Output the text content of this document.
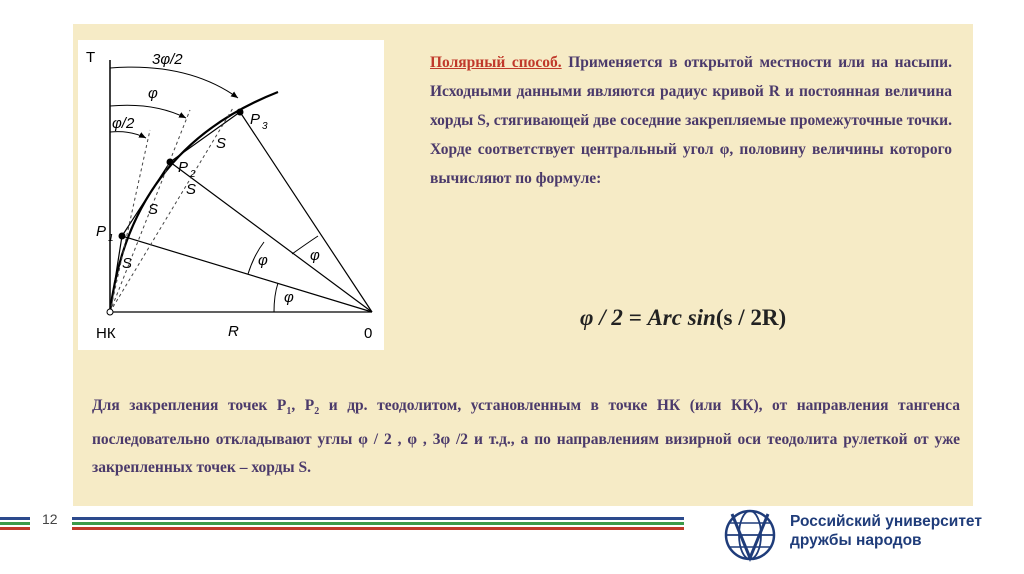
T	3φ/2
φ
φ/2
P 1
P 2
P 3
S
S
S
S
φ	φ
φ
НК	R	0
Полярный способ. Применяется в открытой местности или на насыпи. Исходными данными являются радиус кривой R и постоянная величина хорды S, стягивающей две соседние закрепляемые промежуточные точки. Хорде соответствует центральный угол φ, половину величины которого вычисляют по формуле:
φ / 2 = Arc sin(s / 2R)
Для закрепления точек $Р_1$, $Р_2$ и др. теодолитом, установленным в точке НК (или КК), от направления тангенса последовательно откладывают углы φ / 2 , φ , 3φ /2 и т.д., а по направлениям визирной оси теодолита рулеткой от уже закрепленных точек – хорды S.
12	Российский университет
дружбы народов
